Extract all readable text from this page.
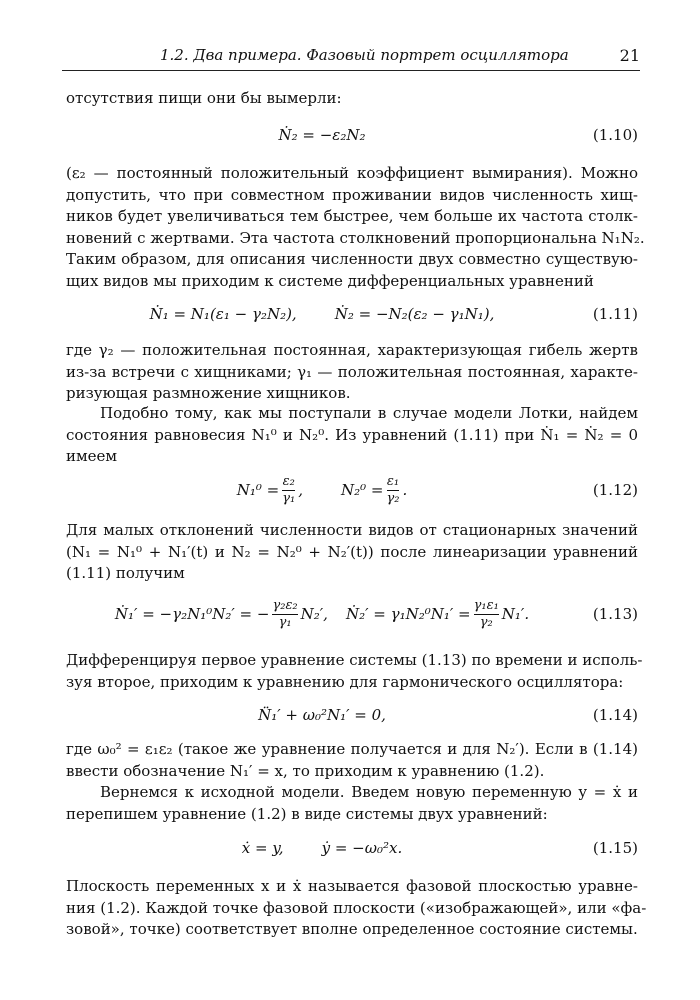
1.2. Два примера. Фазовый портрет осциллятора	21
отсутствия пищи они бы вымерли:
Ṅ₂ = −ε₂N₂	(1.10)
(ε₂ — постоянный положительный коэффициент вымирания). Можно
допустить, что при совместном проживании видов численность хищ-
ников будет увеличиваться тем быстрее, чем больше их частота столк-
новений с жертвами. Эта частота столкновений пропорциональна N₁N₂.
Таким образом, для описания численности двух совместно существую-
щих видов мы приходим к системе дифференциальных уравнений
Ṅ₁ = N₁(ε₁ − γ₂N₂),	Ṅ₂ = −N₂(ε₂ − γ₁N₁),	(1.11)
где γ₂ — положительная постоянная, характеризующая гибель жертв
из-за встречи с хищниками; γ₁ — положительная постоянная, характе-
ризующая размножение хищников.
Подобно тому, как мы поступали в случае модели Лотки, найдем
состояния равновесия N₁⁰ и N₂⁰. Из уравнений (1.11) при Ṅ₁ = Ṅ₂ = 0
имеем
$N_1^0 = \frac{\text{ε₂}}{\text{γ₁}}$ ,	$N_2^0 = \frac{\text{ε₁}}{\text{γ₂}}$ .	(1.12)
Для малых отклонений численности видов от стационарных значений
(N₁ = N₁⁰ + N₁′(t) и N₂ = N₂⁰ + N₂′(t)) после линеаризации уравнений
(1.11) получим
Ṅ₁′ = −γ₂N₁⁰N₂′ = − $\frac{\text{γ₂ε₂}}{\text{γ₁}} N_2'$, Ṅ₂′ = $\gamma_1N_2^0N_1' = \frac{\text{γ₁ε₁}}{\text{γ₂}} N_1'$.	(1.13)
Дифференцируя первое уравнение системы (1.13) по времени и исполь-
зуя второе, приходим к уравнению для гармонического осциллятора:
N̈₁′ + ω₀²N₁′ = 0,	(1.14)
где ω₀² = ε₁ε₂ (такое же уравнение получается и для N₂′). Если в (1.14)
ввести обозначение N₁′ = x, то приходим к уравнению (1.2).
Вернемся к исходной модели. Введем новую переменную y = ẋ и
перепишем уравнение (1.2) в виде системы двух уравнений:
ẋ = y,	ẏ = −ω₀²x.	(1.15)
Плоскость переменных x и ẋ называется фазовой плоскостью уравне-
ния (1.2). Каждой точке фазовой плоскости («изображающей», или «фа-
зовой», точке) соответствует вполне определенное состояние системы.
